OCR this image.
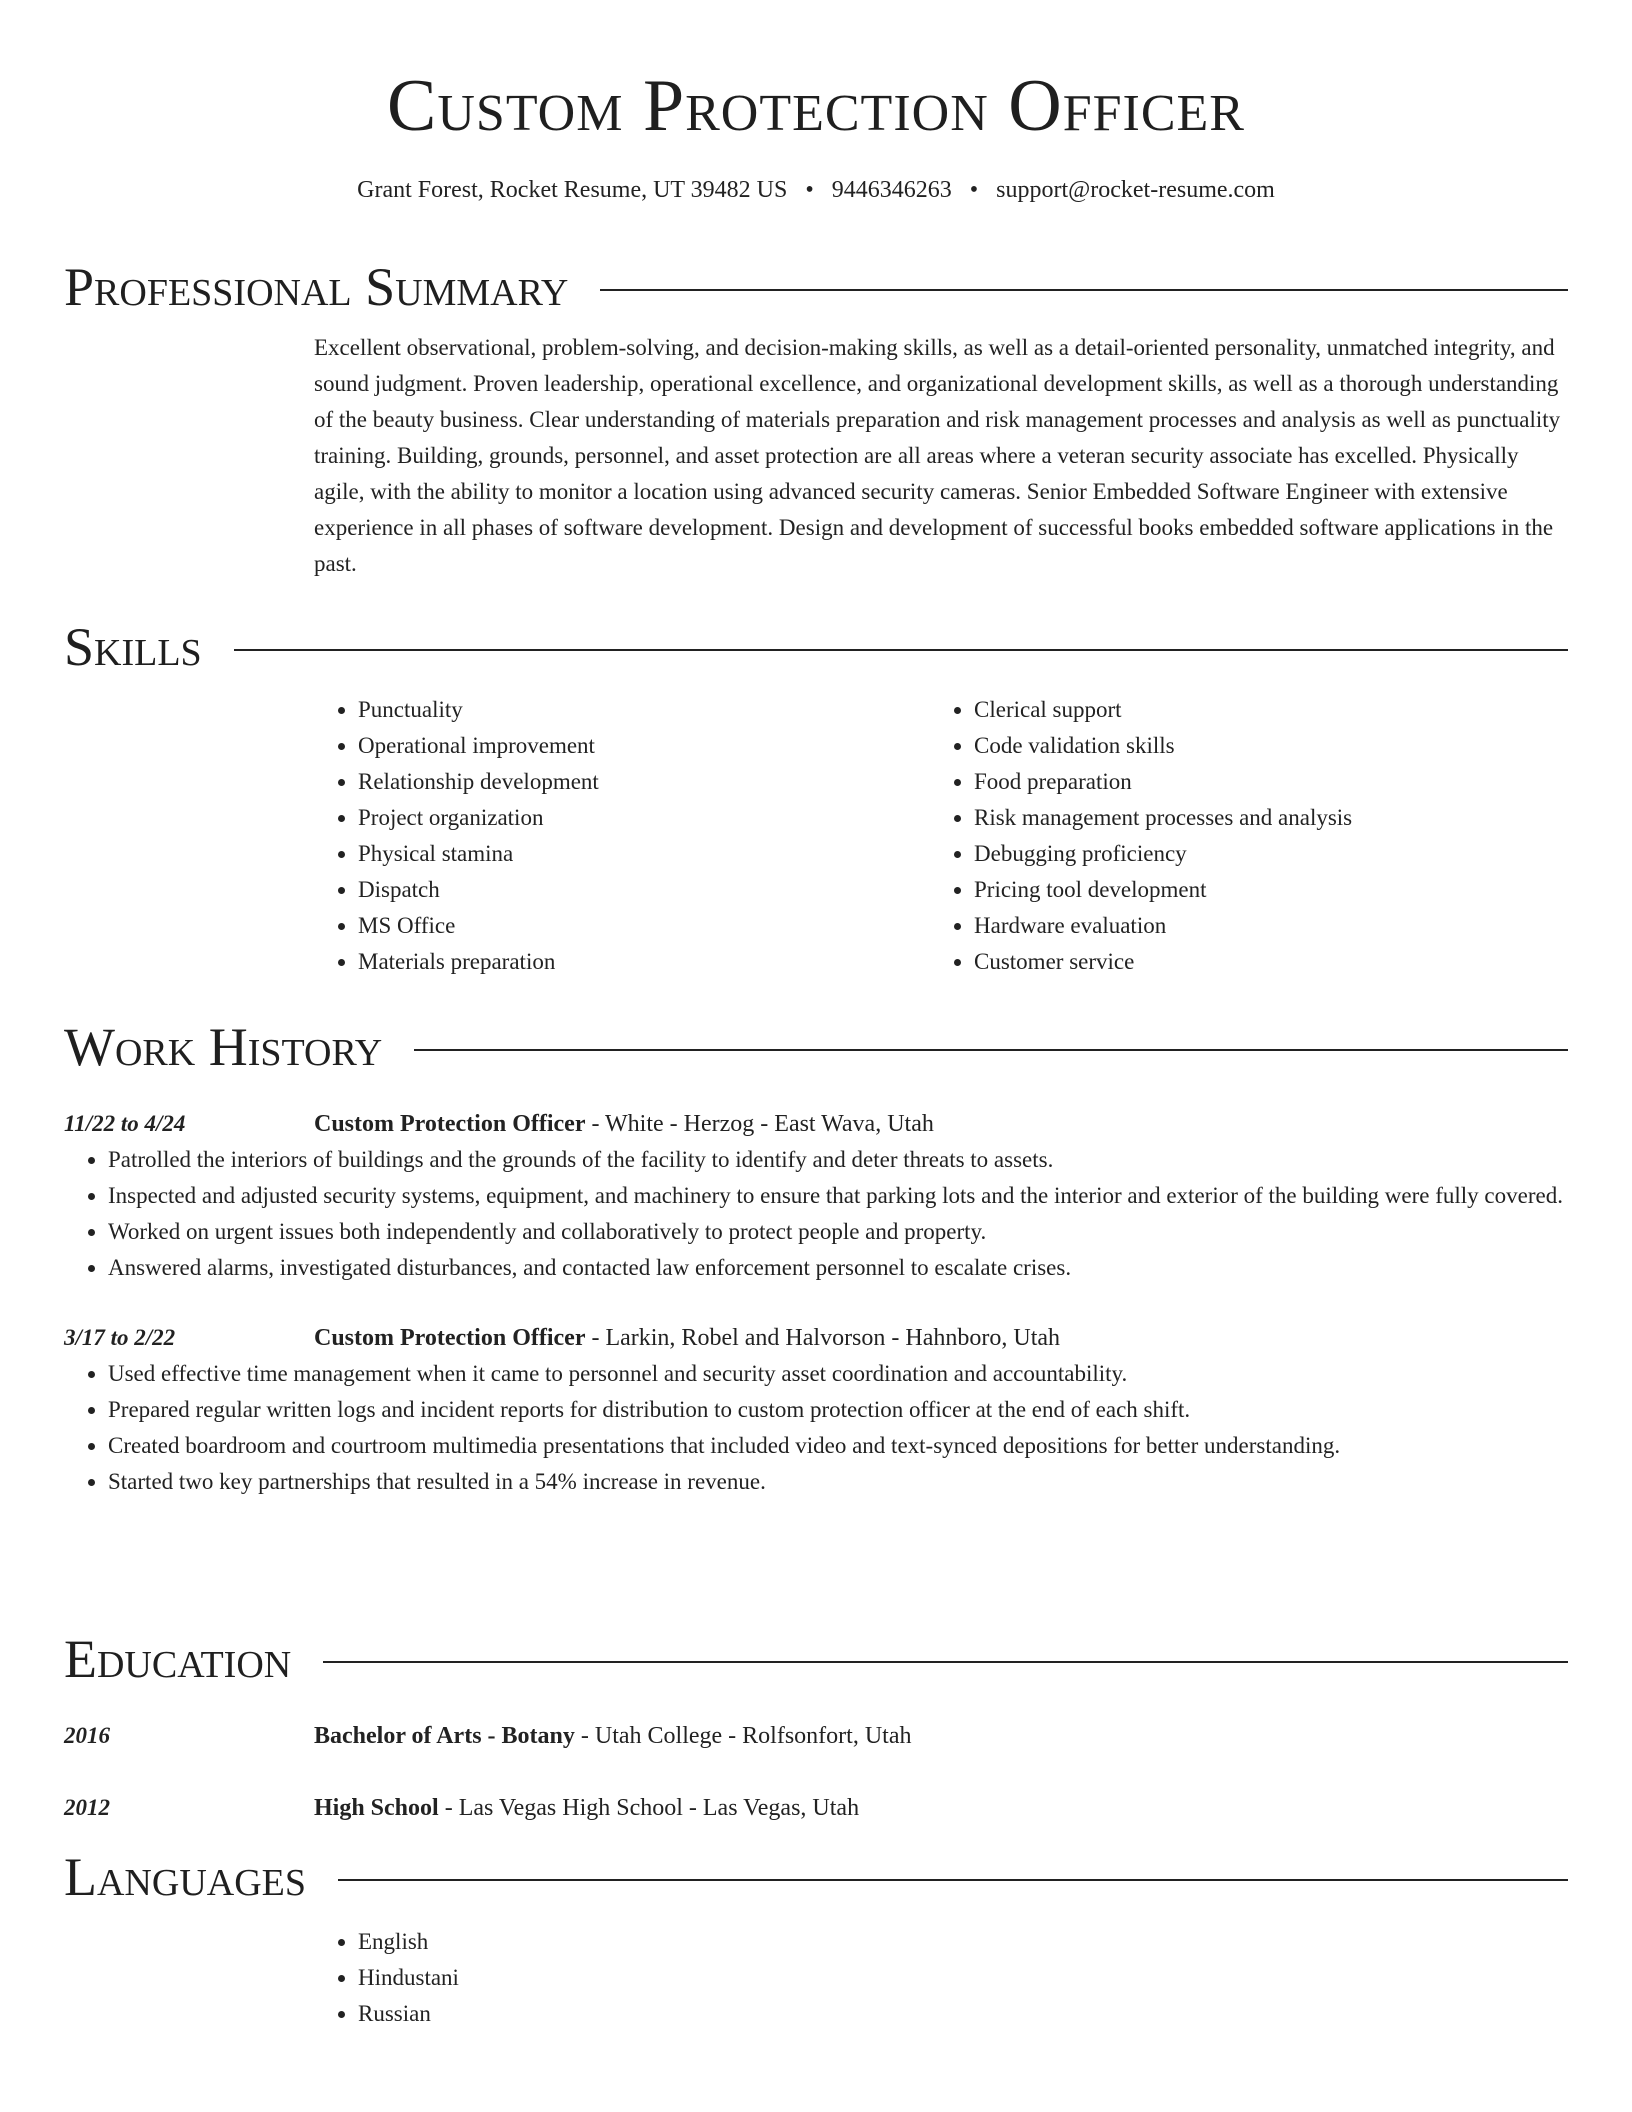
Custom Protection Officer
Grant Forest, Rocket Resume, UT 39482 US • 9446346263 • support@rocket-resume.com
Professional Summary

Excellent observational, problem-solving, and decision-making skills, as well as a detail-oriented personality, unmatched integrity, and sound judgment. Proven leadership, operational excellence, and organizational development skills, as well as a thorough understanding of the beauty business. Clear understanding of materials preparation and risk management processes and analysis as well as punctuality training. Building, grounds, personnel, and asset protection are all areas where a veteran security associate has excelled. Physically agile, with the ability to monitor a location using advanced security cameras. Senior Embedded Software Engineer with extensive experience in all phases of software development. Design and development of successful books embedded software applications in the past.

Skills
• Punctuality
• Operational improvement
• Relationship development
• Project organization
• Physical stamina
• Dispatch
• MS Office
• Materials preparation
• Clerical support
• Code validation skills
• Food preparation
• Risk management processes and analysis
• Debugging proficiency
• Pricing tool development
• Hardware evaluation
• Customer service
Work History
11/22 to 4/24	Custom Protection Officer - White - Herzog - East Wava, Utah
• Patrolled the interiors of buildings and the grounds of the facility to identify and deter threats to assets.
• Inspected and adjusted security systems, equipment, and machinery to ensure that parking lots and the interior and exterior of the building were fully covered.
• Worked on urgent issues both independently and collaboratively to protect people and property.
• Answered alarms, investigated disturbances, and contacted law enforcement personnel to escalate crises.
3/17 to 2/22	Custom Protection Officer - Larkin, Robel and Halvorson - Hahnboro, Utah
• Used effective time management when it came to personnel and security asset coordination and accountability.
• Prepared regular written logs and incident reports for distribution to custom protection officer at the end of each shift.
• Created boardroom and courtroom multimedia presentations that included video and text-synced depositions for better understanding.
• Started two key partnerships that resulted in a 54% increase in revenue.
Education
2016	Bachelor of Arts - Botany - Utah College - Rolfsonfort, Utah
2012	High School - Las Vegas High School - Las Vegas, Utah
Languages
• English
• Hindustani
• Russian
